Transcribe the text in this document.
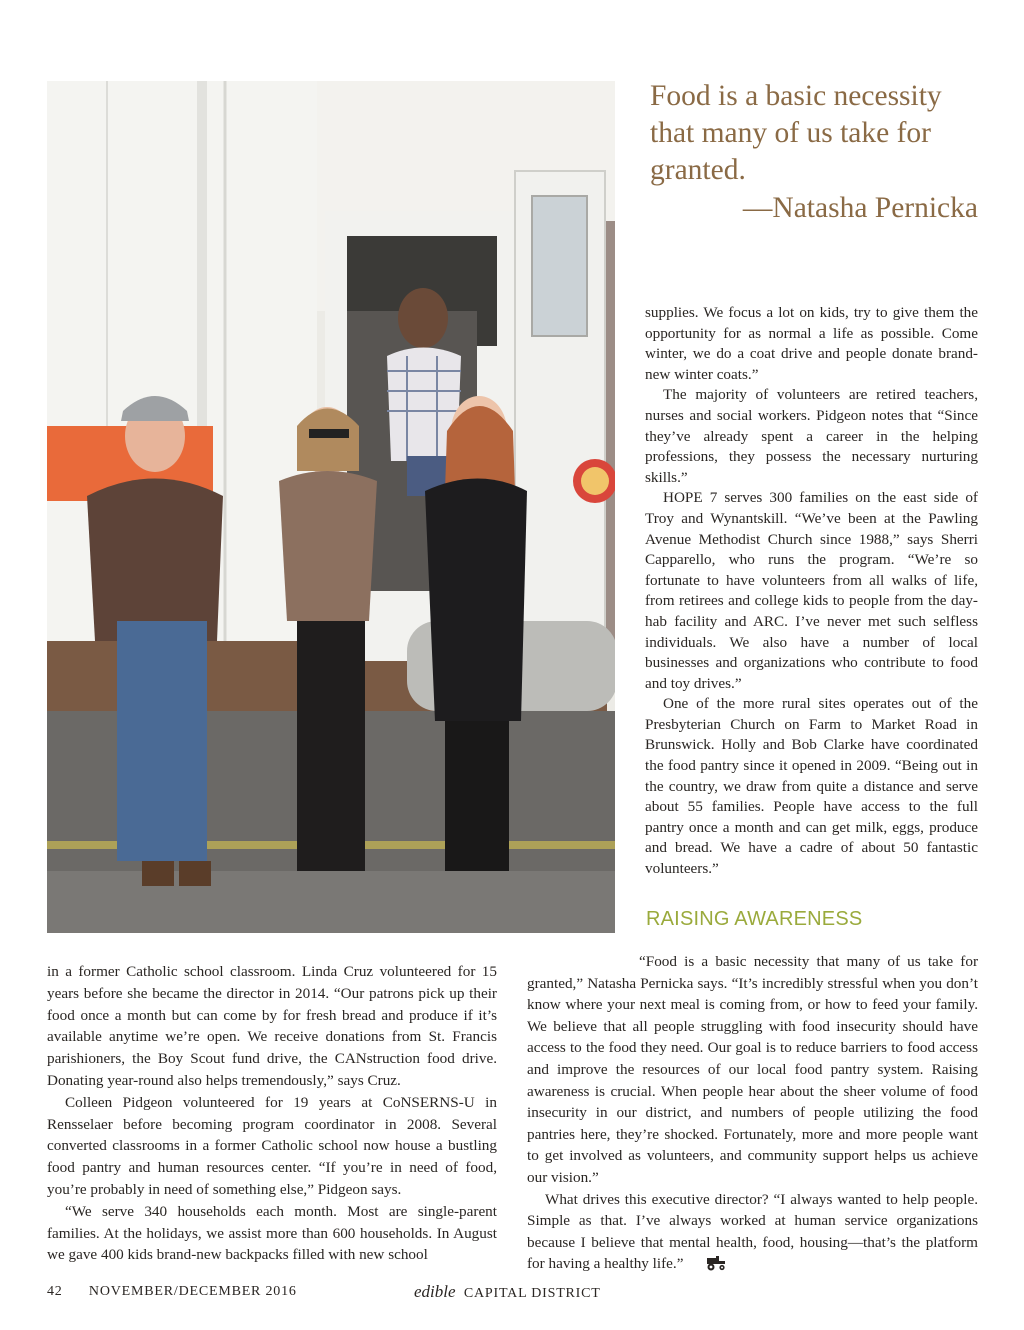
Food is a basic necessity that many of us take for granted.
—Natasha Pernicka

supplies. We focus a lot on kids, try to give them the opportunity for as normal a life as possible. Come winter, we do a coat drive and people donate brand-new winter coats.”

The majority of volunteers are retired teachers, nurses and social workers. Pidgeon notes that “Since they’ve already spent a career in the helping professions, they possess the necessary nurturing skills.”

HOPE 7 serves 300 families on the east side of Troy and Wynantskill. “We’ve been at the Pawling Avenue Methodist Church since 1988,” says Sherri Capparello, who runs the program. “We’re so fortunate to have volunteers from all walks of life, from retirees and college kids to people from the day-hab facility and ARC. I’ve never met such selfless individuals. We also have a number of local businesses and organizations who contribute to food and toy drives.”

One of the more rural sites operates out of the Presbyterian Church on Farm to Market Road in Brunswick. Holly and Bob Clarke have coordinated the food pantry since it opened in 2009. “Being out in the country, we draw from quite a distance and serve about 55 families. People have access to the full pantry once a month and can get milk, eggs, produce and bread. We have a cadre of about 50 fantastic volunteers.”

RAISING AWARENESS

in a former Catholic school classroom. Linda Cruz volunteered for 15 years before she became the director in 2014. “Our patrons pick up their food once a month but can come by for fresh bread and produce if it’s available anytime we’re open. We receive donations from St. Francis parishioners, the Boy Scout fund drive, the CANstruction food drive. Donating year-round also helps tremendously,” says Cruz.

Colleen Pidgeon volunteered for 19 years at CoNSERNS-U in Rensselaer before becoming program coordinator in 2008. Several converted classrooms in a former Catholic school now house a bustling food pantry and human resources center. “If you’re in need of food, you’re probably in need of something else,” Pidgeon says.

“We serve 340 households each month. Most are single-parent families. At the holidays, we assist more than 600 households. In August we gave 400 kids brand-new backpacks filled with new school

“Food is a basic necessity that many of us take for granted,” Natasha Pernicka says. “It’s incredibly stressful when you don’t know where your next meal is coming from, or how to feed your family. We believe that all people struggling with food insecurity should have access to the food they need. Our goal is to reduce barriers to food access and improve the resources of our local food pantry system. Raising awareness is crucial. When people hear about the sheer volume of food insecurity in our district, and numbers of people utilizing the food pantries here, they’re shocked. Fortunately, more and more people want to get involved as volunteers, and community support helps us achieve our vision.”

What drives this executive director? “I always wanted to help people. Simple as that. I’ve always worked at human service organizations because I believe that mental health, food, housing—that’s the platform for having a healthy life.”

42 NOVEMBER/DECEMBER 2016	edible CAPITAL DISTRICT
